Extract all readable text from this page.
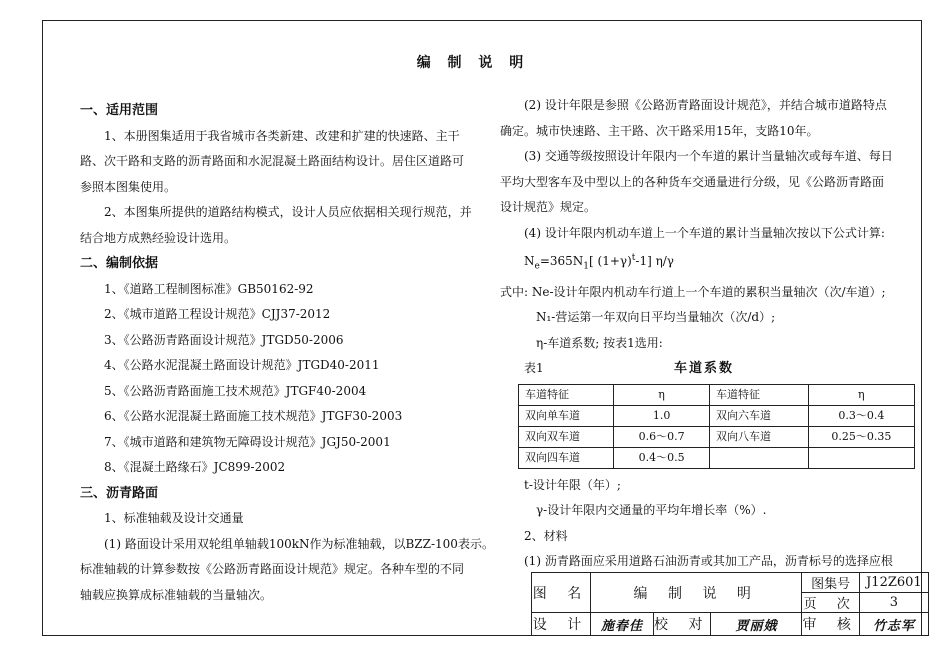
编 制 说 明

一、适用范围

1、本册图集适用于我省城市各类新建、改建和扩建的快速路、主干

路、次干路和支路的沥青路面和水泥混凝土路面结构设计。居住区道路可

参照本图集使用。

2、本图集所提供的道路结构模式，设计人员应依据相关现行规范，并

结合地方成熟经验设计选用。

二、编制依据

1、《道路工程制图标准》GB50162-92

2、《城市道路工程设计规范》CJJ37-2012

3、《公路沥青路面设计规范》JTGD50-2006

4、《公路水泥混凝土路面设计规范》JTGD40-2011

5、《公路沥青路面施工技术规范》JTGF40-2004

6、《公路水泥混凝土路面施工技术规范》JTGF30-2003

7、《城市道路和建筑物无障碍设计规范》JGJ50-2001

8、《混凝土路缘石》JC899-2002

三、沥青路面

1、标准轴载及设计交通量

(1) 路面设计采用双轮组单轴载100kN作为标准轴载，以BZZ-100表示。

标准轴载的计算参数按《公路沥青路面设计规范》规定。各种车型的不同

轴载应换算成标准轴载的当量轴次。

(2) 设计年限是参照《公路沥青路面设计规范》，并结合城市道路特点

确定。城市快速路、主干路、次干路采用15年，支路10年。

(3) 交通等级按照设计年限内一个车道的累计当量轴次或每车道、每日

平均大型客车及中型以上的各种货车交通量进行分级，见《公路沥青路面

设计规范》规定。

(4) 设计年限内机动车道上一个车道的累计当量轴次按以下公式计算:

$N_e=365N_1$[ $(1+\gamma)^t-1$] η/γ

式中: Ne-设计年限内机动车行道上一个车道的累积当量轴次（次/车道）;

N₁-营运第一年双向日平均当量轴次（次/d）;

η-车道系数; 按表1选用:

表1	车道系数
车道特征	η	车道特征	η
双向单车道	1.0	双向六车道	0.3～0.4
双向双车道	0.6～0.7	双向八车道	0.25～0.35
双向四车道	0.4～0.5		

t-设计年限（年）;

γ-设计年限内交通量的平均年增长率（%）.

2、材料

(1) 沥青路面应采用道路石油沥青或其加工产品，沥青标号的选择应根

图 名	编 制 说 明			图集号	J12Z601
				页 次	3
设 计	施春佳	校 对	贾丽娥	审 核	竹志军
